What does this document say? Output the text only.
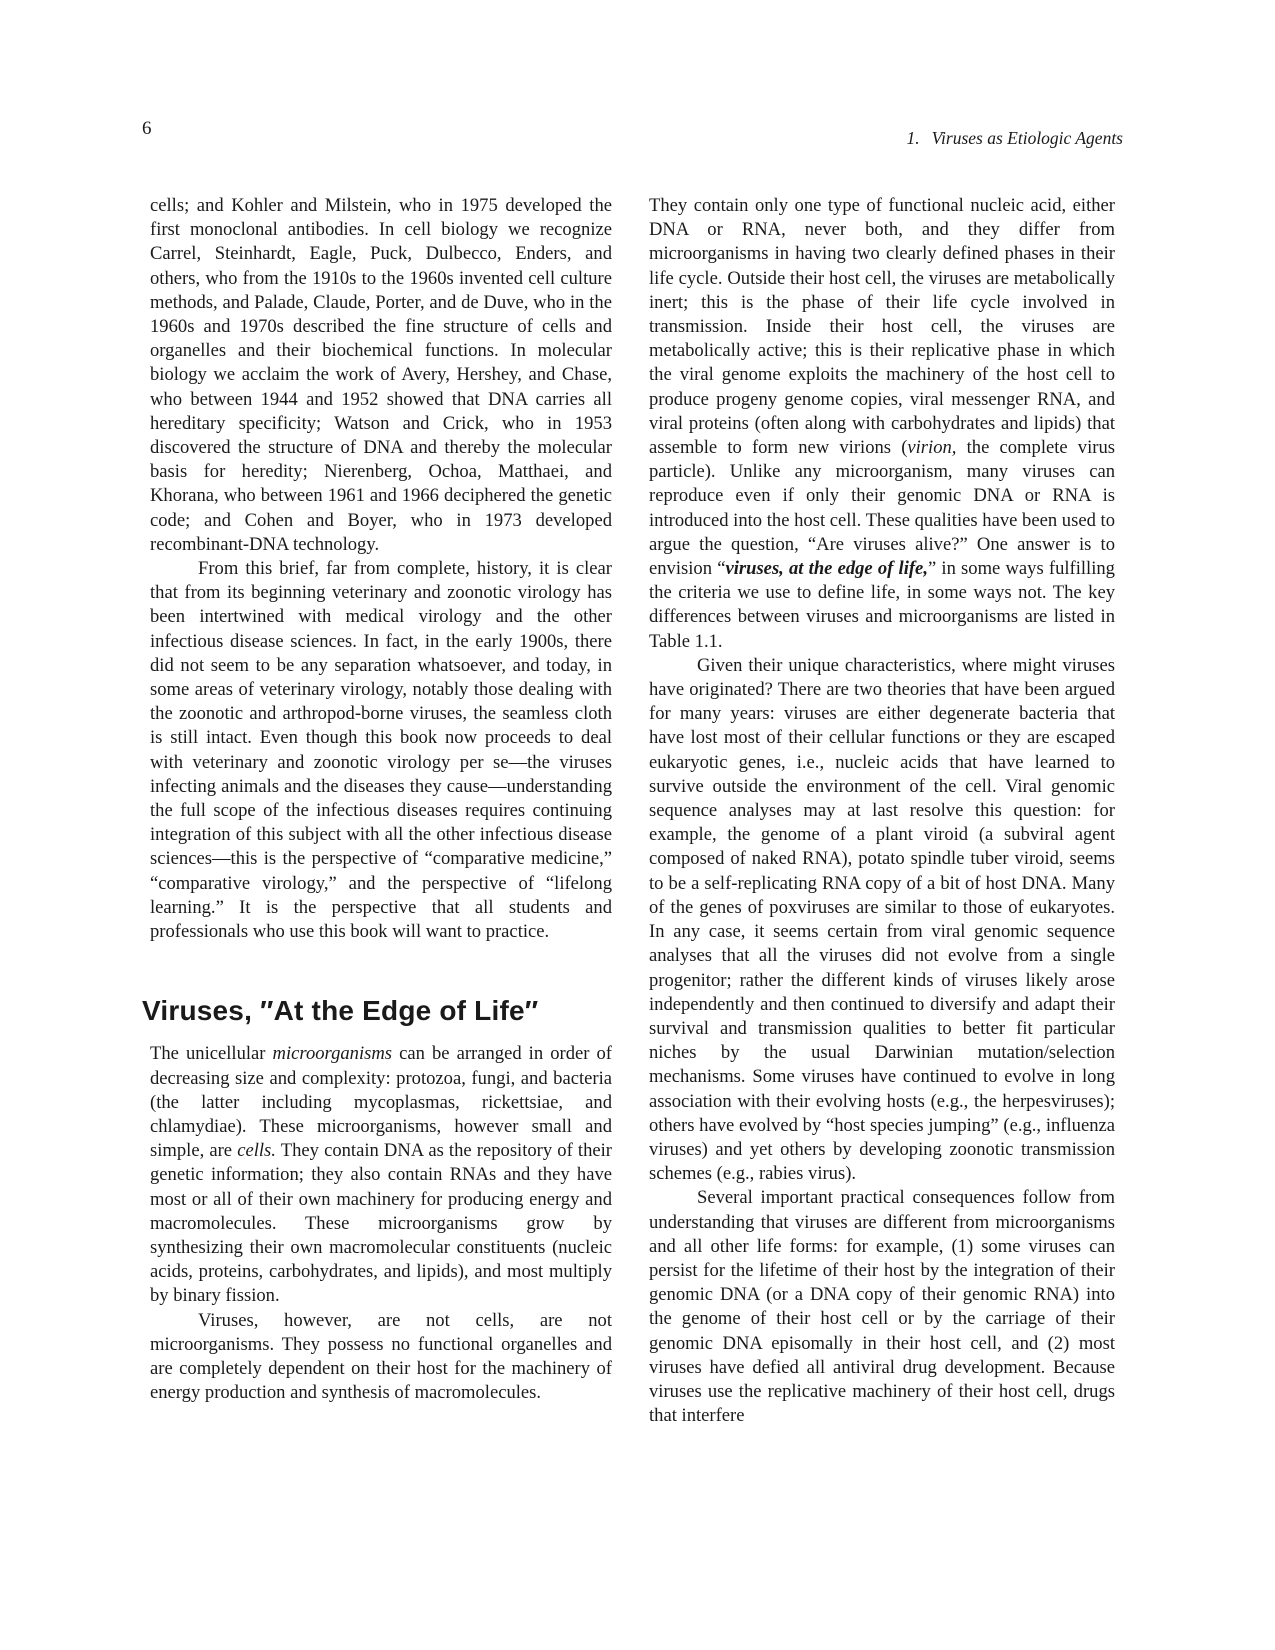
6	1. Viruses as Etiologic Agents

cells; and Kohler and Milstein, who in 1975 developed the first monoclonal antibodies. In cell biology we recognize Carrel, Steinhardt, Eagle, Puck, Dulbecco, Enders, and others, who from the 1910s to the 1960s invented cell culture methods, and Palade, Claude, Porter, and de Duve, who in the 1960s and 1970s described the fine structure of cells and organelles and their biochemical functions. In molecular biology we acclaim the work of Avery, Hershey, and Chase, who between 1944 and 1952 showed that DNA carries all hereditary specificity; Watson and Crick, who in 1953 discovered the structure of DNA and thereby the molecular basis for heredity; Nierenberg, Ochoa, Matthaei, and Khorana, who between 1961 and 1966 deciphered the genetic code; and Cohen and Boyer, who in 1973 developed recombinant-DNA technology.

From this brief, far from complete, history, it is clear that from its beginning veterinary and zoonotic virology has been intertwined with medical virology and the other infectious disease sciences. In fact, in the early 1900s, there did not seem to be any separation whatsoever, and today, in some areas of veterinary virology, notably those dealing with the zoonotic and arthropod-borne viruses, the seamless cloth is still intact. Even though this book now proceeds to deal with veterinary and zoonotic virology per se—the viruses infecting animals and the diseases they cause—understanding the full scope of the infectious diseases requires continuing integration of this subject with all the other infectious disease sciences—this is the perspective of “comparative medicine,” “comparative virology,” and the perspective of “lifelong learning.” It is the perspective that all students and professionals who use this book will want to practice.

Viruses, ″At the Edge of Life″

The unicellular microorganisms can be arranged in order of decreasing size and complexity: protozoa, fungi, and bacteria (the latter including mycoplasmas, rickettsiae, and chlamydiae). These microorganisms, however small and simple, are cells. They contain DNA as the repository of their genetic information; they also contain RNAs and they have most or all of their own machinery for producing energy and macromolecules. These microorganisms grow by synthesizing their own macromolecular constituents (nucleic acids, proteins, carbohydrates, and lipids), and most multiply by binary fission.

Viruses, however, are not cells, are not microorganisms. They possess no functional organelles and are completely dependent on their host for the machinery of energy production and synthesis of macromolecules.

They contain only one type of functional nucleic acid, either DNA or RNA, never both, and they differ from microorganisms in having two clearly defined phases in their life cycle. Outside their host cell, the viruses are metabolically inert; this is the phase of their life cycle involved in transmission. Inside their host cell, the viruses are metabolically active; this is their replicative phase in which the viral genome exploits the machinery of the host cell to produce progeny genome copies, viral messenger RNA, and viral proteins (often along with carbohydrates and lipids) that assemble to form new virions (virion, the complete virus particle). Unlike any microorganism, many viruses can reproduce even if only their genomic DNA or RNA is introduced into the host cell. These qualities have been used to argue the question, “Are viruses alive?” One answer is to envision “viruses, at the edge of life,” in some ways fulfilling the criteria we use to define life, in some ways not. The key differences between viruses and microorganisms are listed in Table 1.1.

Given their unique characteristics, where might viruses have originated? There are two theories that have been argued for many years: viruses are either degenerate bacteria that have lost most of their cellular functions or they are escaped eukaryotic genes, i.e., nucleic acids that have learned to survive outside the environment of the cell. Viral genomic sequence analyses may at last resolve this question: for example, the genome of a plant viroid (a subviral agent composed of naked RNA), potato spindle tuber viroid, seems to be a self-replicating RNA copy of a bit of host DNA. Many of the genes of poxviruses are similar to those of eukaryotes. In any case, it seems certain from viral genomic sequence analyses that all the viruses did not evolve from a single progenitor; rather the different kinds of viruses likely arose independently and then continued to diversify and adapt their survival and transmission qualities to better fit particular niches by the usual Darwinian mutation/selection mechanisms. Some viruses have continued to evolve in long association with their evolving hosts (e.g., the herpesviruses); others have evolved by “host species jumping” (e.g., influenza viruses) and yet others by developing zoonotic transmission schemes (e.g., rabies virus).

Several important practical consequences follow from understanding that viruses are different from microorganisms and all other life forms: for example, (1) some viruses can persist for the lifetime of their host by the integration of their genomic DNA (or a DNA copy of their genomic RNA) into the genome of their host cell or by the carriage of their genomic DNA episomally in their host cell, and (2) most viruses have defied all antiviral drug development. Because viruses use the replicative machinery of their host cell, drugs that interfere
